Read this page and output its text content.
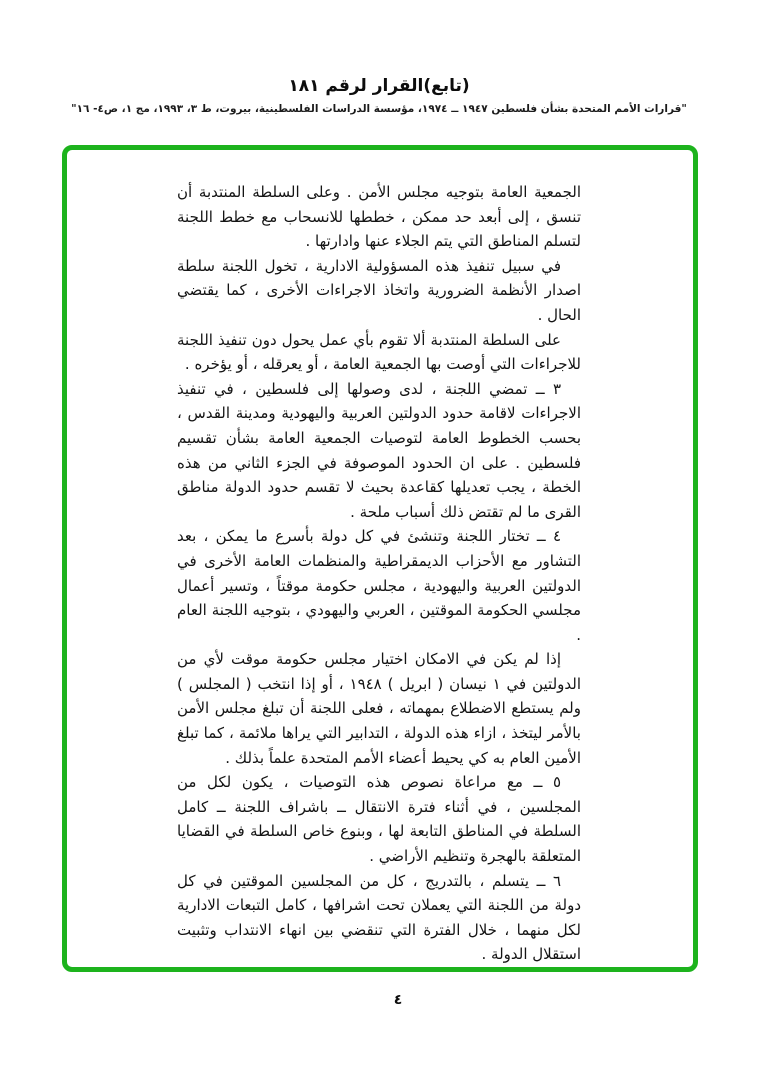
(تابع)القرار لرقم ١٨١
"قرارات الأمم المتحدة بشأن فلسطين ١٩٤٧ ــ ١٩٧٤، مؤسسة الدراسات الفلسطينية، بيروت، ط ٣، ١٩٩٣، مج ١، ص٤- ١٦"

الجمعية العامة بتوجيه مجلس الأمن . وعلى السلطة المنتدبة أن تنسق ، إلى أبعد حد ممكن ، خططها للانسحاب مع خطط اللجنة لتسلم المناطق التي يتم الجلاء عنها وادارتها .

في سبيل تنفيذ هذه المسؤولية الادارية ، تخول اللجنة سلطة اصدار الأنظمة الضرورية واتخاذ الاجراءات الأخرى ، كما يقتضي الحال .

على السلطة المنتدبة ألا تقوم بأي عمل يحول دون تنفيذ اللجنة للاجراءات التي أوصت بها الجمعية العامة ، أو يعرقله ، أو يؤخره .

٣ ــ تمضي اللجنة ، لدى وصولها إلى فلسطين ، في تنفيذ الاجراءات لاقامة حدود الدولتين العربية واليهودية ومدينة القدس ، بحسب الخطوط العامة لتوصيات الجمعية العامة بشأن تقسيم فلسطين . على ان الحدود الموصوفة في الجزء الثاني من هذه الخطة ، يجب تعديلها كقاعدة بحيث لا تقسم حدود الدولة مناطق القرى ما لم تقتض ذلك أسباب ملحة .

٤ ــ تختار اللجنة وتنشئ في كل دولة بأسرع ما يمكن ، بعد التشاور مع الأحزاب الديمقراطية والمنظمات العامة الأخرى في الدولتين العربية واليهودية ، مجلس حكومة موقتاً ، وتسير أعمال مجلسي الحكومة الموقتين ، العربي واليهودي ، بتوجيه اللجنة العام .

إذا لم يكن في الامكان اختيار مجلس حكومة موقت لأي من الدولتين في ١ نيسان ( ابريل ) ١٩٤٨ ، أو إذا انتخب ( المجلس ) ولم يستطع الاضطلاع بمهماته ، فعلى اللجنة أن تبلغ مجلس الأمن بالأمر ليتخذ ، ازاء هذه الدولة ، التدابير التي يراها ملائمة ، كما تبلغ الأمين العام به كي يحيط أعضاء الأمم المتحدة علماً بذلك .

٥ ــ مع مراعاة نصوص هذه التوصيات ، يكون لكل من المجلسين ، في أثناء فترة الانتقال ــ باشراف اللجنة ــ كامل السلطة في المناطق التابعة لها ، وبنوع خاص السلطة في القضايا المتعلقة بالهجرة وتنظيم الأراضي .

٦ ــ يتسلم ، بالتدريج ، كل من المجلسين الموقتين في كل دولة من اللجنة التي يعملان تحت اشرافها ، كامل التبعات الادارية لكل منهما ، خلال الفترة التي تنقضي بين انهاء الانتداب وتثبيت استقلال الدولة .

٤
